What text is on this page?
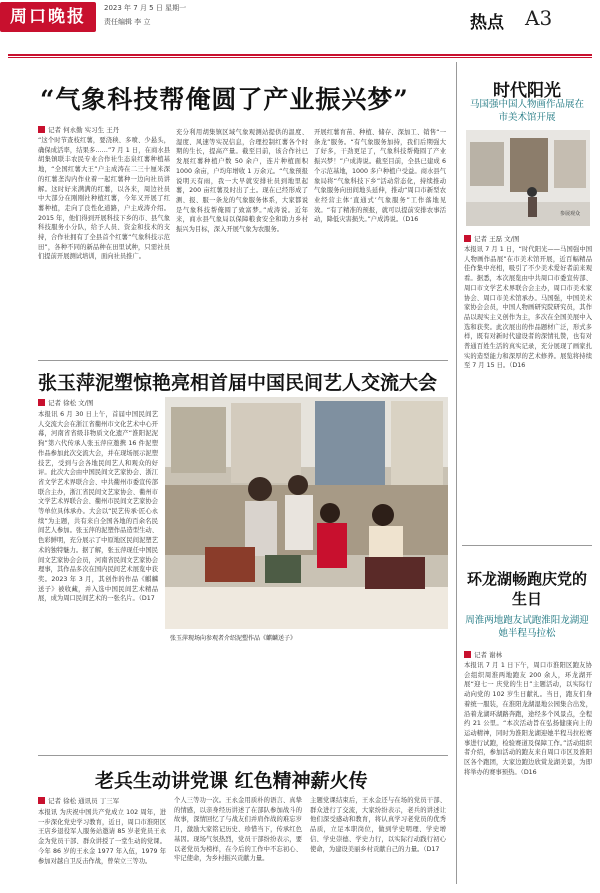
周口晚报	2023 年 7 月 5 日 星期一
责任编辑 李 立	热点 A3
“气象科技帮俺圆了产业振兴梦”
记者 何永勤 实习生 王丹
“这个时节查枝红薯，要浇秧、多喷、少悬头，确保成活率，结果多……”7 月 1 日，在商水县胡集镇联丰农民专业合作社生态泉红薯种植基地，“全国红薯大王”户主成涛在二三十厘米深的红薯垄沟内作业着一起红薯种一边向社员讲解。这时好来满满的红薯，以各来，周边社员中大部分在刚刚社种植红薯，今年又开展了红薯种植，走向了良性化道路，户主成涛介绍。2015 年，他们得到开展科技下乡的市、县气象科技服务小分队，给予人员、资金和技术的支持，合作社拥有了全县首个红薯“气象科技示范田”，各种不同的新品种在田里试种，只需社员们提前开展测试培训，面向社员推广。
充分利用胡集镇区域气象观测站提供的温度、湿度、风速等实况信息，合理控制红薯各个时期的生长，提高产量。截至目前，该合作社已发展红薯种植户数 50 余户，连片种植面积 1000 余亩，户均年增收 1 万余元。“气象预报说明天有雨，我一大早就安排社员到地里起薯，200 亩红薯及时出了土。现在已经形成了测、报、服一条龙的气象服务体系，大家都说是气象科技帮俺圆了致富梦。”成涛说。近年来，商水县气象局以保障粮食安全和助力乡村振兴为目标，深入开展气象为农服务。
开展红薯育苗、种植、储存、深加工、销售“一条龙”服务。“有气象服务加持，我们后期强大了好多，干劲更足了，气象科技帮俺圆了产业振兴梦！”户成涛说。截至目前，全县已建成 6 个示范基地，1000 多户种植户受益。商水县气象局将“气象科技下乡”活动常态化，持续推动气象服务向田间地头延伸，推动“周口市新型农业经营主体‘直通式’气象服务”工作落地见效。“有了精准的预报，就可以提前安排农事活动，降低灾害损失。”户成涛说。（D16
张玉萍泥塑惊艳亮相首届中国民间艺人交流大会
记者 徐松 文/图
本报讯 6 月 30 日上午，首届中国民间艺人交流大会在浙江省衢州市文化艺术中心开幕，河南省省级非物质文化遗产“淮阳泥泥狗”第六代传承人张玉萍应邀携 16 件泥塑作品参加此次交流大会，并在现场展示泥塑技艺，受到与会各地民间艺人和观众的好评。此次大会由中国民间文艺家协会、浙江省文学艺术界联合会、中共衢州市委宣传部联合主办，浙江省民间文艺家协会、衢州市文学艺术界联合会、衢州市民间文艺家协会等单位具体承办。大会以“民艺传承·匠心永续”为主题，共有来自全国各地的百余名民间艺人参加。张玉萍的泥塑作品造型生动、色彩鲜明，充分展示了中原地区民间泥塑艺术的独特魅力。据了解，张玉萍现任中国民间文艺家协会会员，河南省民间文艺家协会理事，其作品多次在国内民间艺术展览中获奖。2023 年 3 月，其创作的作品《麒麟送子》被收藏，并入选中国民间艺术精品展，成为周口民间艺术的一张名片。（D17
张玉萍现场向参观者介绍泥塑作品《麒麟送子》
老兵生动讲党课 红色精神薪火传
记者 徐松 通讯员 丁三军
本报讯 为庆祝中国共产党成立 102 周年，进一步深化党史学习教育，近日，周口市淮阳区王店乡退役军人服务站邀请 85 岁老党员王永金为党员干部、群众讲授了一堂生动的党课。今年 86 岁的王永金 1977 年入伍，1979 年参加对越自卫反击作战，曾荣立三等功。
个人三等功一次。王永金用质朴的语言、真挚的情感，以亲身经历讲述了在部队参加战斗的故事，深情回忆了与战友们并肩作战的难忘岁月，激励大家铭记历史、珍惜当下，传承红色基因。现场气氛热烈，党员干部纷纷表示，要以老党员为榜样，在今后的工作中不忘初心、牢记使命，为乡村振兴贡献力量。
主题党课结束后，王永金还与在场的党员干部、群众进行了交流，大家纷纷表示，老兵的讲述让他们深受感动和教育，将认真学习老党员的优秀品质，立足本职岗位，做到学史明理、学史增信、学史崇德、学史力行，以实际行动践行初心使命，为建设美丽乡村贡献自己的力量。（D17
时代阳光
马国强中国人物画作品展在市美术馆开展
参展观众
记者 王磊 文/图
本报讯 7 月 1 日，“时代阳光——马国强中国人物画作品展”在市美术馆开展，近百幅精品佳作集中亮相，吸引了不少美术爱好者前来观看。据悉，本次展览由中共周口市委宣传部、周口市文学艺术界联合会主办，周口市美术家协会、周口市美术馆承办。马国强，中国美术家协会会员，中国人物画研究院研究员，其作品以现实主义创作为主，多次在全国美展中入选和获奖。此次展出的作品题材广泛，形式多样，既有对新时代建设者的深情礼赞，也有对普通百姓生活的真实记录，充分展现了画家扎实的造型能力和深厚的艺术修养。展览将持续至 7 月 15 日。（D16
环龙湖畅跑庆党的生日
周淮两地跑友试跑淮阳龙湖迎她半程马拉松
记者 谢林
本报讯 7 月 1 日下午，周口市淮阳区跑友协会组织周淮两地跑友 200 余人，环龙湖开展“迎七一 庆党的生日”主题活动，以实际行动向党的 102 岁生日献礼。当日，跑友们身着统一服装，在淮阳龙湖湿地公园集合出发，沿着龙湖环湖路奔跑，途经多个风景点，全程约 21 公里。“本次活动旨在弘扬健康向上的运动精神，同时为淮阳龙湖迎她半程马拉松赛事进行试跑，检验赛道及保障工作。”活动组织者介绍，参加活动的跑友来自周口市区及淮阳区各个跑团，大家边跑边欣赏龙湖美景，为即将举办的赛事预热。（D16
